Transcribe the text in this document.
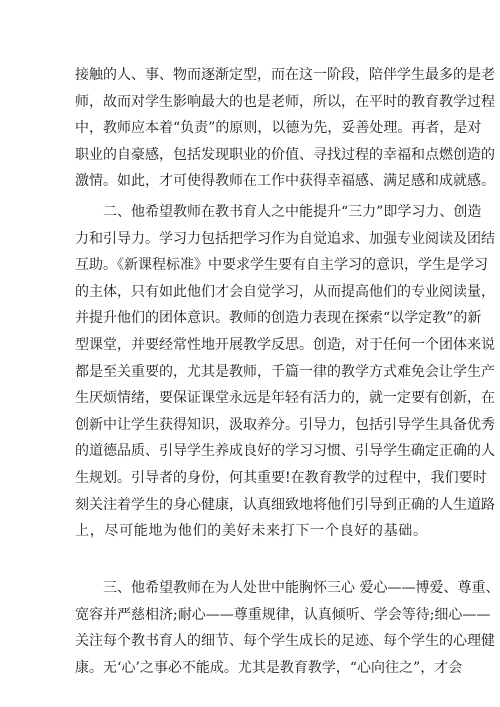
接触的人、事、物而逐渐定型，而在这一阶段，陪伴学生最多的是老
师，故而对学生影响最大的也是老师，所以，在平时的教育教学过程
中，教师应本着“负责”的原则，以德为先，妥善处理。再者，是对
职业的自豪感，包括发现职业的价值、寻找过程的幸福和点燃创造的
激情。如此，才可使得教师在工作中获得幸福感、满足感和成就感。
二、他希望教师在教书育人之中能提升“三力”即学习力、创造
力和引导力。学习力包括把学习作为自觉追求、加强专业阅读及团结
互助。《新课程标准》中要求学生要有自主学习的意识，学生是学习
的主体，只有如此他们才会自觉学习，从而提高他们的专业阅读量，
并提升他们的团体意识。教师的创造力表现在探索“以学定教”的新
型课堂，并要经常性地开展教学反思。创造，对于任何一个团体来说
都是至关重要的，尤其是教师，千篇一律的教学方式难免会让学生产
生厌烦情绪，要保证课堂永远是年轻有活力的，就一定要有创新，在
创新中让学生获得知识，汲取养分。引导力，包括引导学生具备优秀
的道德品质、引导学生养成良好的学习习惯、引导学生确定正确的人
生规划。引导者的身份，何其重要!在教育教学的过程中，我们要时
刻关注着学生的身心健康，认真细致地将他们引导到正确的人生道路
上，尽可能地为他们的美好未来打下一个良好的基础。
三、他希望教师在为人处世中能胸怀三心 爱心——博爱、尊重、
宽容并严慈相济;耐心——尊重规律，认真倾听、学会等待;细心——
关注每个教书育人的细节、每个学生成长的足迹、每个学生的心理健
康。无‘心’之事必不能成。尤其是教育教学，“心向往之”，才会
